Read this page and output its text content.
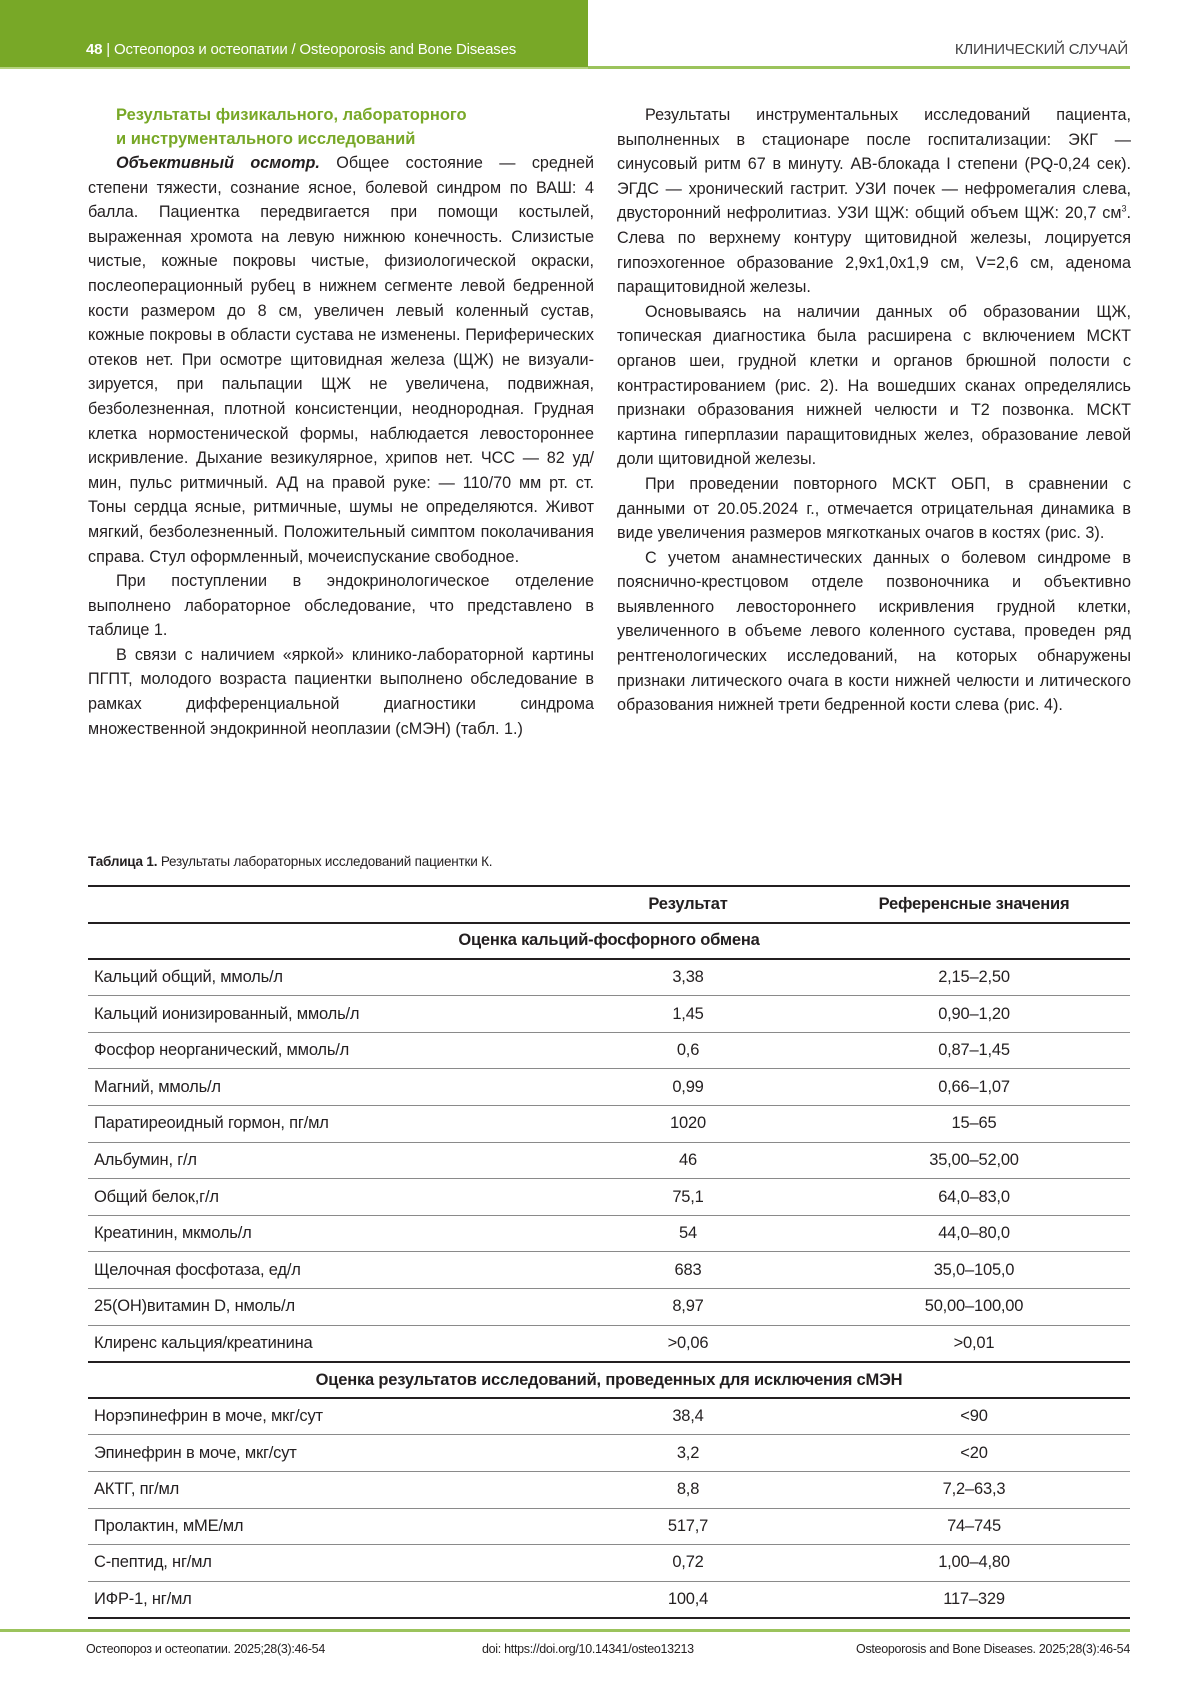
48 | Остеопороз и остеопатии / Osteoporosis and Bone Diseases	КЛИНИЧЕСКИЙ СЛУЧАЙ
Результаты физикального, лабораторного
и инструментального исследований

Объективный осмотр. Общее состояние — средней степени тяжести, сознание ясное, болевой синдром по ВАШ: 4 балла. Пациентка передвигается при помощи костылей, выраженная хромота на левую нижнюю конечность. Слизистые чистые, кожные покровы чистые, физиологической окраски, послеоперационный рубец в нижнем сегменте левой бедренной кости размером до 8 см, увеличен левый коленный сустав, кожные покровы в области сустава не изменены. Периферических отеков нет. При осмотре щитовидная железа (ЩЖ) не визуализируется, при пальпации ЩЖ не увеличена, подвижная, безболезненная, плотной консистенции, неоднородная. Грудная клетка нормостенической формы, наблюдается левостороннее искривление. Дыхание везикулярное, хрипов нет. ЧСС — 82 уд/мин, пульс ритмичный. АД на правой руке: — 110/70 мм рт. ст. Тоны сердца ясные, ритмичные, шумы не определяются. Живот мягкий, безболезненный. Положительный симптом поколачивания справа. Стул оформленный, мочеиспускание свободное.

При поступлении в эндокринологическое отделение выполнено лабораторное обследование, что представлено в таблице 1.

В связи с наличием «яркой» клинико-лабораторной картины ПГПТ, молодого возраста пациентки выполнено обследование в рамках дифференциальной диагностики синдрома множественной эндокринной неоплазии (сМЭН) (табл. 1.)

Результаты инструментальных исследований пациента, выполненных в стационаре после госпитализации: ЭКГ — синусовый ритм 67 в минуту. АВ-блокада I степени (PQ-0,24 сек). ЭГДС — хронический гастрит. УЗИ почек — нефромегалия слева, двусторонний нефролитиаз. УЗИ ЩЖ: общий объем ЩЖ: 20,7 $см^3$. Слева по верхнему контуру щитовидной железы, лоцируется гипоэхогенное образование 2,9х1,0х1,9 см, V=2,6 см, аденома паращитовидной железы.

Основываясь на наличии данных об образовании ЩЖ, топическая диагностика была расширена с включением МСКТ органов шеи, грудной клетки и органов брюшной полости с контрастированием (рис. 2). На вошедших сканах определялись признаки образования нижней челюсти и Т2 позвонка. МСКТ картина гиперплазии паращитовидных желез, образование левой доли щитовидной железы.

При проведении повторного МСКТ ОБП, в сравнении с данными от 20.05.2024 г., отмечается отрицательная динамика в виде увеличения размеров мягкотканых очагов в костях (рис. 3).

С учетом анамнестических данных о болевом синдроме в пояснично-крестцовом отделе позвоночника и объективно выявленного левостороннего искривления грудной клетки, увеличенного в объеме левого коленного сустава, проведен ряд рентгенологических исследований, на которых обнаружены признаки литического очага в кости нижней челюсти и литического образования нижней трети бедренной кости слева (рис. 4).

Таблица 1. Результаты лабораторных исследований пациентки К.
	Результат	Референсные значения
Оценка кальций-фосфорного обмена		
Кальций общий, ммоль/л	3,38	2,15–2,50
Кальций ионизированный, ммоль/л	1,45	0,90–1,20
Фосфор неорганический, ммоль/л	0,6	0,87–1,45
Магний, ммоль/л	0,99	0,66–1,07
Паратиреоидный гормон, пг/мл	1020	15–65
Альбумин, г/л	46	35,00–52,00
Общий белок,г/л	75,1	64,0–83,0
Креатинин, мкмоль/л	54	44,0–80,0
Щелочная фосфотаза, ед/л	683	35,0–105,0
25(ОН)витамин D, нмоль/л	8,97	50,00–100,00
Клиренс кальция/креатинина	>0,06	>0,01
Оценка результатов исследований, проведенных для исключения сМЭН		
Норэпинефрин в моче, мкг/сут	38,4	<90
Эпинефрин в моче, мкг/сут	3,2	<20
АКТГ, пг/мл	8,8	7,2–63,3
Пролактин, мМЕ/мл	517,7	74–745
С-пептид, нг/мл	0,72	1,00–4,80
ИФР-1, нг/мл	100,4	117–329
Остеопороз и остеопатии. 2025;28(3):46-54	doi: https://doi.org/10.14341/osteo13213	Osteoporosis and Bone Diseases. 2025;28(3):46-54
